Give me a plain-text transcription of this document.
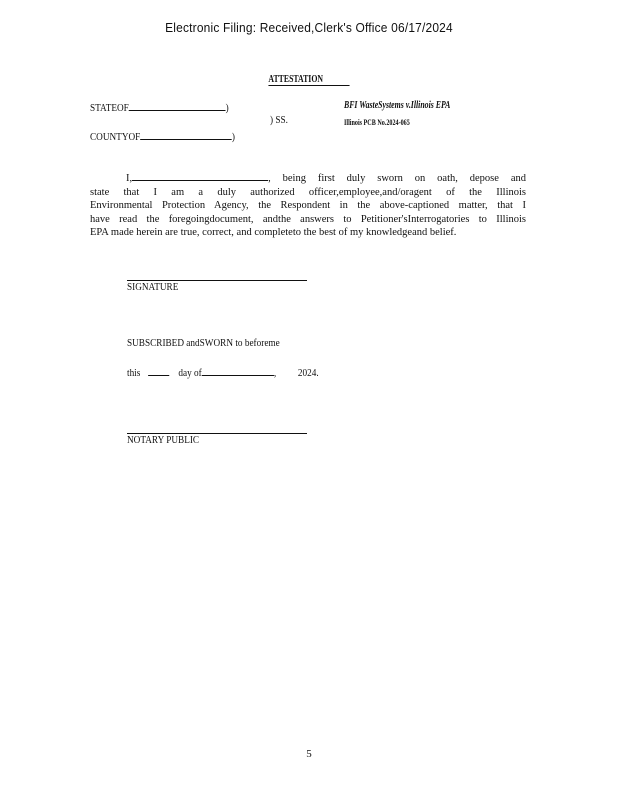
Electronic Filing: Received,Clerk's Office 06/17/2024
ATTESTATION
STATEOF	)	BFI WasteSystems v.Illinois EPA
) SS.	Illinois PCB No.2024-065
COUNTYOF	)
I,	, being first duly sworn on oath, depose and
state that I am a duly authorized officer,employee,and/oragent of the Illinois
Environmental Protection Agency, the Respondent in the above-captioned matter, that I
have read the foregoingdocument, andthe answers to Petitioner'sInterrogatories to Illinois
EPA made herein are true, correct, and completeto the best of my knowledgeand belief.
SIGNATURE
SUBSCRIBED andSWORN to beforeme
this	day of	, 2024.
NOTARY PUBLIC
5
